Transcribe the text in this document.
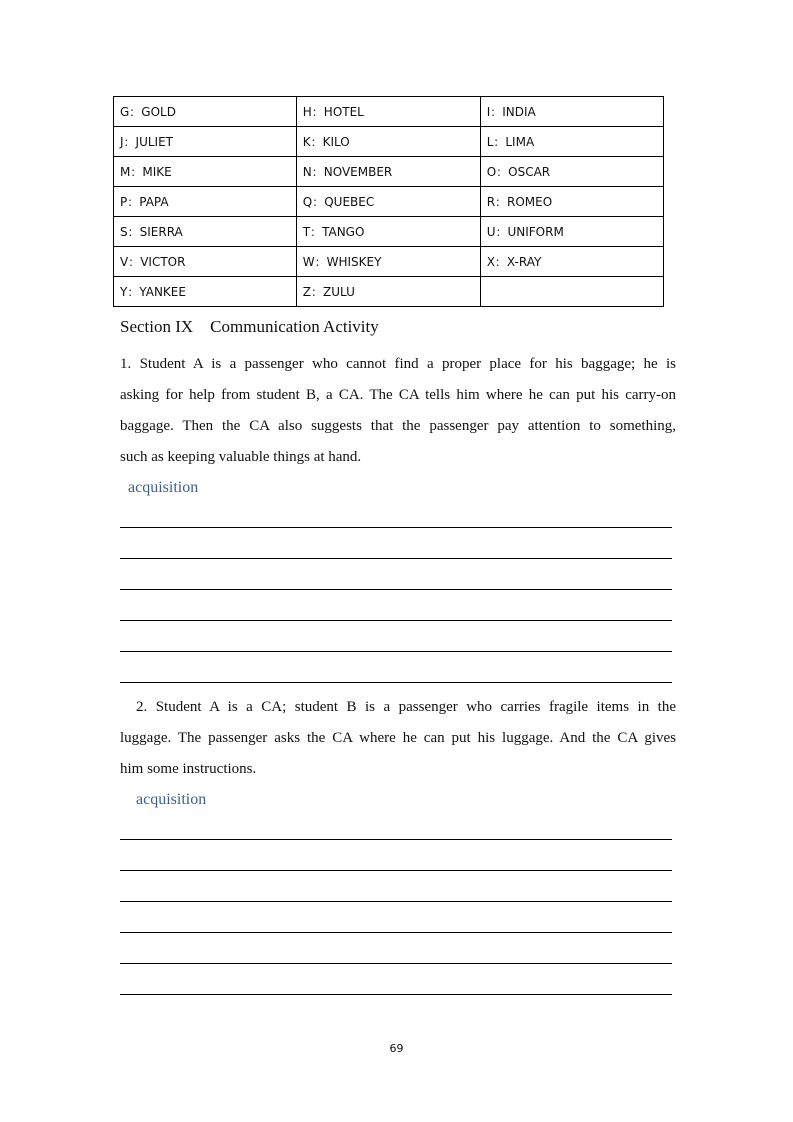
G：GOLD	H：HOTEL	I：INDIA
J：JULIET	K：KILO	L：LIMA
M：MIKE	N：NOVEMBER	O：OSCAR
P：PAPA	Q：QUEBEC	R：ROMEO
S：SIERRA	T：TANGO	U：UNIFORM
V：VICTOR	W：WHISKEY	X：X-RAY
Y：YANKEE	Z：ZULU	
Section IX    Communication Activity
1. Student A is a passenger who cannot find a proper place for his baggage; he is
asking for help from student B, a CA. The CA tells him where he can put his carry-on
baggage. Then the CA also suggests that the passenger pay attention to something,
such as keeping valuable things at hand.
acquisition
2. Student A is a CA; student B is a passenger who carries fragile items in the
luggage. The passenger asks the CA where he can put his luggage. And the CA gives
him some instructions.
acquisition
69
